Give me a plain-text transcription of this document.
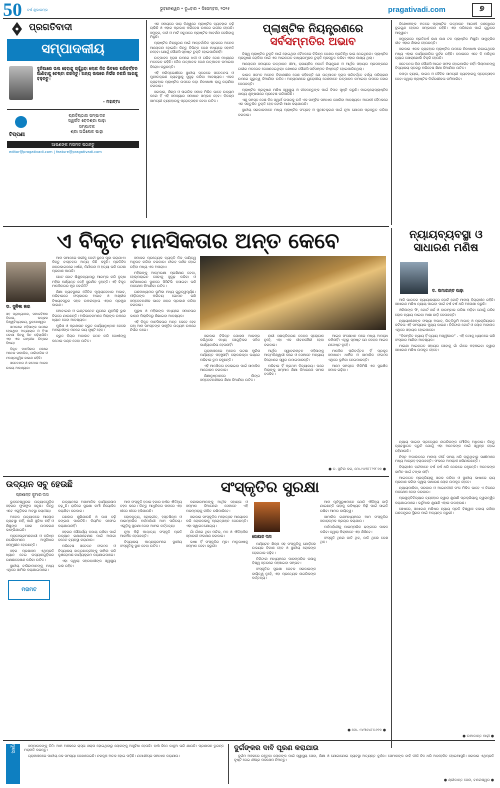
50 ବର୍ଷ ଶୁଭାରମ୍ଭ	ଭୁବନେଶ୍ୱର • ବୁଧବାର • ଡିସେମ୍ବର, ୨୦୨୫	pragativadi.com	୭
ପ୍ରଗତିବାଦୀ
ସମ୍ପାଦକୀୟ
ଦୁନିଆରେ ଭଲ ହେବାକୁ ଚାହୁଁଥିବା ଲୋକ ନିଜ ଭିତରେ ପରିବର୍ତ୍ତନ ଆଣିବାକୁ ଚେଷ୍ଟା କରନ୍ତୁ। ଅନ୍ୟ ଉପରେ ନିର୍ଭର ନକରି ଆଗକୁ ବଢ଼ନ୍ତୁ।
- ମହାତ୍ମା
ପ୍ରତିଷ୍ଠାତା ସମ୍ପାଦକ
ସ୍ୱର୍ଗତ ବେଦଶ୍ରୀ ପାଢ଼ୀ
ସମ୍ପାଦକ
ଶ୍ରୀ ଅଭିଷେକ ପାଢ଼ୀ
ଟିପ୍ପଣୀ
ଆପଣଙ୍କ ମତାମତ ପଠାନ୍ତୁ
editor@pragativadi.com | feature@pragativadi.com

ଏକ ସମୟରେ ସାରା ବିଶ୍ୱରେ ପ୍ଲାଷ୍ଟିକ ବ୍ୟବହାର ବଢ଼ି ଚାଲିଛି ଓ ଏହାର ପ୍ରଭାବ ପରିବେଶ ଉପରେ ଗଭୀର ହେଉଛି। ସମୁଦ୍ର, ନଦୀ ଓ ମାଟି ସବୁଠାରେ ପ୍ଲାଷ୍ଟିକ ଆବର୍ଜନା ଦେଖିବାକୁ ମିଳୁଛି।

ପ୍ଲାଷ୍ଟିକ ନିୟନ୍ତ୍ରଣ ପାଇଁ ଆନ୍ତର୍ଜାତିକ ସ୍ତରରେ ଅନେକ ଆଲୋଚନା ହୋଇଛି। କିନ୍ତୁ ବିଭିନ୍ନ ଦେଶ ମଧ୍ୟରେ ସହମତି ନହେବା ଯୋଗୁଁ କୌଣସି ସ୍ପଷ୍ଟ ଚୁକ୍ତି ହୋଇପାରିନାହିଁ।

ଉତ୍ପାଦନ ହ୍ରାସ ଉପରେ ଧନୀ ଓ ଗରିବ ଦେଶ ମଧ୍ୟରେ ମତଭେଦ ରହିଛି। ତୈଳ ଉତ୍ପାଦକ ଦେଶ ଉତ୍ପାଦନ କମାଇବା ବିରୋଧ କରୁଛନ୍ତି।

ଏହି ପରିପ୍ରେକ୍ଷୀରେ ସ୍ଥାନୀୟ ସ୍ତରରେ ସଚେତନତା ଓ ପୁନଃଚକ୍ରଣ ବ୍ୟବସ୍ଥାକୁ ସୁଦୃଢ଼ କରିବା ଆବଶ୍ୟକ। ଏକକ ବ୍ୟବହାର ପ୍ଲାଷ୍ଟିକ ଉପରେ କଡ଼ା ନିଷେଧାଜ୍ଞା ଲାଗୁ କରାଯିବା ଦରକାର।

ସରକାର, ଶିଳ୍ପ ଓ ନାଗରିକ ସମାଜ ମିଳିତ ଭାବେ ଉଦ୍ୟମ କଲେ ହିଁ ଏହି ସମସ୍ୟାର ସମାଧାନ ସମ୍ଭବ ହେବ। ବିକଳ୍ପ ସାମଗ୍ରୀ ବ୍ୟବହାରକୁ ପ୍ରୋତ୍ସାହନ ଦେବା ଉଚିତ।

ପ୍ଲାଷ୍ଟିକ ନିୟନ୍ତ୍ରଣରେ
ସର୍ବସମ୍ମତିର ଅଭାବ

ବିଶ୍ୱ ପ୍ଲାଷ୍ଟିକ ଚୁକ୍ତି ପାଇଁ ହୋଇଥିବା ବୈଠକରେ ବିଭିନ୍ନ ଦେଶର ପ୍ରତିନିଧି ଭାଗ ନେଇଥିଲେ। ପ୍ଲାଷ୍ଟିକ ପ୍ରଦୂଷଣ ରୋକିବା ପାଇଁ ଏକ ଆଇନଗତ ବାଧ୍ୟତାମୂଳକ ଚୁକ୍ତି ପ୍ରସ୍ତୁତ କରିବା ଏହାର ଲକ୍ଷ୍ୟ ଥିଲା।

ଆଲୋଚନା ସମୟରେ ଉତ୍ପାଦନ ସୀମା, ରାସାୟନିକ ପଦାର୍ଥ ନିୟନ୍ତ୍ରଣ ଓ ଆର୍ଥିକ ସହାୟତା ପ୍ରସଙ୍ଗରେ ଗଭୀର ମତଭେଦ ଦେଖାଦେଇଥିଲା। ଶେଷରେ କୌଣସି ସର୍ବସମ୍ମତ ନିଷ୍ପତ୍ତି ହୋଇପାରିନଥିଲା।

ଭାରତ ସମେତ ଅନେକ ବିକାଶଶୀଳ ଦେଶ କହିଛନ୍ତି ଯେ ଉତ୍ପାଦନ ହ୍ରାସ ପରିବର୍ତ୍ତେ ବର୍ଜ୍ୟ ପରିଚାଳନା ଉପରେ ଗୁରୁତ୍ୱ ଦିଆଯିବା ଉଚିତ। ଅନ୍ୟପକ୍ଷରେ ୟୁରୋପୀୟ ଦେଶମାନେ ଉତ୍ପାଦନ କମାଇବା ଉପରେ ଜୋର ଦେଉଛନ୍ତି।

ପ୍ଲାଷ୍ଟିକ ପ୍ରଦୂଷଣ ମଣିଷ ସ୍ୱାସ୍ଥ୍ୟ ଓ ଜୀବଜନ୍ତୁଙ୍କ ପାଇଁ ବିପଦ ସୃଷ୍ଟି କରୁଛି। ମାଇକ୍ରୋପ୍ଲାଷ୍ଟିକ ଖାଦ୍ୟ ଶୃଙ୍ଖଳାରେ ପ୍ରବେଶ କରିସାରିଛି।

ଏଣୁ ସମସ୍ତ ଦେଶ ନିଜ ସ୍ୱାର୍ଥ ଉପରକୁ ଉଠି ଏକ ସାମୂହିକ ସମାଧାନ ଖୋଜିବା ଆବଶ୍ୟକ। ଆଗାମୀ ବୈଠକରେ ଏକ ସନ୍ତୁଳିତ ଚୁକ୍ତି ହେବ ବୋଲି ଆଶା କରାଯାଉଛି।

ସ୍ଥାନୀୟ ସରକାରମାନେ ମଧ୍ୟ ପ୍ଲାଷ୍ଟିକ ସଂଗ୍ରହ ଓ ପୁନଃଚକ୍ରଣ ପାଇଁ ନୂଆ ଯୋଜନା ପ୍ରସ୍ତୁତ କରିବା ଦରକାର।

ବିଶେଷଜ୍ଞଙ୍କ ମତରେ ପ୍ଲାଷ୍ଟିକ ଉତ୍ପାଦନ ଆଗାମୀ ଦଶନ୍ଧିରେ ଦୁଇଗୁଣ ହେବାର ସମ୍ଭାବନା ରହିଛି। ଏହା ପରିବେଶ ପାଇଁ ଗୁରୁତର ଆହ୍ୱାନ।

ସମୁଦ୍ରରେ ପ୍ରତିବର୍ଷ ଲକ୍ଷ ଲକ୍ଷ ଟନ ପ୍ଲାଷ୍ଟିକ ମିଶୁଛି। ସାମୁଦ୍ରିକ ଜୀବ ଏହାର ଶିକାର ହେଉଛନ୍ତି।

ସରକାର ଏକକ ବ୍ୟବହାର ପ୍ଲାଷ୍ଟିକ ଉପରେ ନିଷେଧାଜ୍ଞା ଲଗାଇଥିଲେ ମଧ୍ୟ ଏହାର କାର୍ଯ୍ୟକାରିତା ଦୁର୍ବଳ ରହିଛି। ବଜାରରେ ଏବେ ବି ପଲିଥିନ ବ୍ୟାଗ ଖୋଲାଖୋଲି ବିକ୍ରି ହେଉଛି।

ସଚେତନତା ବିନା କୌଣସି ଆଇନ ସଫଳ ହୋଇପାରିବ ନାହିଁ। ପିଲାମାନଙ୍କୁ ବିଦ୍ୟାଳୟ ସ୍ତରରୁ ପରିବେଶ ଶିକ୍ଷା ଦିଆଯିବା ଉଚିତ।

କପଡ଼ା ବ୍ୟାଗ, କାଗଜ ଓ ଜୈବିକ ସାମଗ୍ରୀ ବ୍ୟବହାରକୁ ପ୍ରୋତ୍ସାହନ ଦେବା ଦ୍ୱାରା ପ୍ଲାଷ୍ଟିକ ନିର୍ଭରଶୀଳତା କମିପାରିବ।

ଏ ବିକୃତ ମାନସିକତାର ଅନ୍ତ କେବେ	ନ୍ୟାୟବ୍ୟବସ୍ଥା ଓ
ସାଧାରଣ ମଣିଷ
ଡ. ଉମାକାନ୍ତ ପାଢ଼ୀ

ଆଜି ଭାରତର ନ୍ୟାୟାଳୟରେ କୋଟି କୋଟି ମାମଲା ବିଚାରାଧୀନ ରହିଛି। ସାଧାରଣ ମଣିଷ ନ୍ୟାୟ ପାଇବା ପାଇଁ ବର୍ଷ ବର୍ଷ ଧରି ଅପେକ୍ଷା କରୁଛି।

ଓକିଲଙ୍କ ଫି, କୋର୍ଟ ଖର୍ଚ୍ଚ ଓ ବାରମ୍ବାର ତାରିଖ ପଡ଼ିବା ଯୋଗୁଁ ଗରିବ ଲୋକ ନ୍ୟାୟ ପାଇବା ଆଶା ଛାଡ଼ି ଦେଉଛନ୍ତି।

ନ୍ୟାୟାଧୀଶଙ୍କ ସଂଖ୍ୟା ଅଭାବ, ଭିତ୍ତିଭୂମି ଅଭାବ ଓ ପ୍ରକ୍ରିୟାଗତ ଜଟିଳତା ଏହି ସମସ୍ୟାର ମୁଖ୍ୟ କାରଣ। ଡିଜିଟାଲ କୋର୍ଟ ଓ ଲୋକ ଅଦାଲତ ଏଥିରେ ସହାୟକ ହୋଇପାରେ।

“ବିଳମ୍ବିତ ନ୍ୟାୟ ହିଁ ନ୍ୟାୟ ଅସ୍ୱୀକାର” - ଏହି କଥାକୁ ଧ୍ୟାନରେ ରଖି ସଂସ୍କାର ଆଣିବା ଆବଶ୍ୟକ।

ମାଗଣା ଆଇନଗତ ସହାୟତା ସେବାକୁ ଗାଁ ଗାଁରେ ପହଞ୍ଚାଇବା ଦ୍ୱାରା ସାଧାରଣ ମଣିଷ ଉପକୃତ ହେବେ।

ଡ. ସୁନିଲ କର
ସହ ପ୍ରାଧ୍ୟାପକ, ସମାଜବିଜ୍ଞାନ ବିଭାଗ, ଉତ୍କଳ ବିଶ୍ୱବିଦ୍ୟାଳୟ, ଭୁବନେଶ୍ୱର

ସମାଜରେ ମହିଳାଙ୍କ ଉପରେ ହେଉଥିବା ଅତ୍ୟାଚାର ଓ ହିଂସା ଘଟଣା ଦିନକୁ ଦିନ ବଢ଼ିଚାଲିଛି। ଏହା ଏକ ଗମ୍ଭୀର ଚିନ୍ତାର ବିଷୟ।

ବିକୃତ ମାନସିକତା ପଛରେ ଅନେକ ସାମାଜିକ, ପାରିବାରିକ ଓ ମନସ୍ତାତ୍ତ୍ୱିକ କାରଣ ରହିଛି।

ସଚେତନତା ଓ କଠୋର ଆଇନ ଉଭୟ ଆବଶ୍ୟକ।

ଆମ ସମାଜରେ ନାରୀକୁ ଦେବୀ ରୂପେ ପୂଜା କରାଯାଏ। କିନ୍ତୁ ବାସ୍ତବତା ଅନ୍ୟ କିଛି କହୁଛି। ପ୍ରତିଦିନ ଖବରକାଗଜରେ ଧର୍ଷଣ, ନିର୍ଯାତନା ଓ ହତ୍ୟା ଭଳି ଘଟଣା ପ୍ରକାଶ ପାଉଛି।

ଛୋଟ ଛୋଟ ଶିଶୁକନ୍ୟାଠାରୁ ଆରମ୍ଭ କରି ବୃଦ୍ଧା ମହିଳା ପର୍ଯ୍ୟନ୍ତ କେହି ସୁରକ୍ଷିତ ନୁହନ୍ତି। ଏହି ବିକୃତ ମାନସିକତାର ମୂଳ କେଉଁଠି?

ଶିକ୍ଷା ବ୍ୟବସ୍ଥାରେ ନୈତିକ ମୂଲ୍ୟବୋଧର ଅଭାବ, ପରିବାରରେ ସଂସ୍କାରର ଅଭାବ ଓ ଅଶ୍ଳୀଳ ବିଷୟବସ୍ତୁର ସହଜ ଉପଲବ୍ଧତା ଏହାର ପ୍ରମୁଖ କାରଣ।

ମୋବାଇଲ ଓ ଇଣ୍ଟରନେଟ ଯୁଗରେ ଯୁବପିଢ଼ି ଭୁଲ ଦିଗରେ ଯାଉଛନ୍ତି। ଅଭିଭାବକମାନେ ପିଲାଙ୍କ ଉପରେ ଧ୍ୟାନ ଦେବା ଆବଶ୍ୟକ।

ପୁଲିସ ଓ ପ୍ରଶାସନ ଦ୍ରୁତ କାର୍ଯ୍ୟାନୁଷ୍ଠାନ ନେଲେ ଅପରାଧୀଙ୍କ ମନରେ ଭୟ ସୃଷ୍ଟି ହେବ।

ଦ୍ରୁତ ବିଚାର ଅଦାଲତ ଗଠନ କରି ଦୋଷୀଙ୍କୁ କଠୋର ଦଣ୍ଡ ଦେବା ଉଚିତ।

ସମାଜର ପ୍ରତ୍ୟେକ ବ୍ୟକ୍ତି ନିଜ ଦାୟିତ୍ୱ ଅନୁଭବ କରିବା ଦରକାର। ନୀରବ ଦର୍ଶକ ହୋଇ ରହିବା ମଧ୍ୟ ଏକ ଅପରାଧ।

ମହିଳାଙ୍କୁ ଆତ୍ମରକ୍ଷା ପ୍ରଶିକ୍ଷଣ ଦେବା, ହେଲ୍ପଲାଇନ ସେବାକୁ ସୁଦୃଢ଼ କରିବା ଓ ସର୍ବସାଧାରଣ ସ୍ଥାନରେ ସିସିଟିଭି ବସାଇବା ଭଳି ପଦକ୍ଷେପ ନିଆଯିବା ଉଚିତ।

ଗଣମାଧ୍ୟମର ଭୂମିକା ମଧ୍ୟ ଗୁରୁତ୍ୱପୂର୍ଣ୍ଣ। ପୀଡ଼ିତାଙ୍କ ପରିଚୟ ଗୋପନ ରଖି ସମ୍ବେଦନଶୀଳ ଭାବେ ଖବର ପ୍ରକାଶ କରିବା ଦରକାର।

ପୁରୁଷ ଓ ମହିଳାଙ୍କ ମଧ୍ୟରେ ସମାନତାର ଭାବନା ପିଲାଦିନରୁ ଶିଖାଇବା ଆବଶ୍ୟକ।

ଏହି ବିକୃତ ମାନସିକତାର ଅନ୍ତ କେବେ ହେବ ତାହା ଆମ ସମସ୍ତଙ୍କ ସାମୂହିକ ଉଦ୍ୟମ ଉପରେ ନିର୍ଭର କରେ।

ସରକାର ବିଭିନ୍ନ ଯୋଜନା ଆରମ୍ଭ କରିଥିଲେ ମଧ୍ୟ ସେଗୁଡ଼ିକର ସଠିକ କାର୍ଯ୍ୟକାରିତା ହେଉନାହିଁ।

ଗ୍ରାମାଞ୍ଚଳରେ ଅନେକ ଘଟଣା ପୁଲିସ ପର୍ଯ୍ୟନ୍ତ ପହଞ୍ଚୁନାହିଁ। ଲୋକଲଜ୍ଜା ଭୟରେ ପରିବାର ଚୁପ ରହୁଛନ୍ତି।

ଏହି ମାନସିକତା ବଦଳାଇବା ପାଇଁ ସାମାଜିକ ଆନ୍ଦୋଳନ ଦରକାର।

ଶିକ୍ଷାନୁଷ୍ଠାନରେ ଲିଙ୍ଗ ସମ୍ବେଦନଶୀଳତା ଶିକ୍ଷା ଦିଆଯିବା ଉଚିତ।

ନାରୀ ସଶକ୍ତିକରଣ କେବଳ ସ୍ଲୋଗାନ ନୁହେଁ, ଏହା ଏକ ଜୀବନଶୈଳୀ ହେବା ଦରକାର।

ଆର୍ଥିକ ସ୍ୱାବଲମ୍ବନ ମହିଳାଙ୍କୁ ଆତ୍ମବିଶ୍ୱାସୀ କରେ ଓ ସେମାନେ ଅନ୍ୟାୟ ବିରୋଧରେ ସ୍ୱର ଉଠାଇପାରନ୍ତି।

ପରିବାର ହିଁ ପ୍ରଥମ ବିଦ୍ୟାଳୟ। ଘରେ ପିଲାଙ୍କୁ ସମ୍ମାନ ଶିକ୍ଷା ଦିଆଗଲେ ସମାଜ ବଦଳିବ।

ଆଇନ ସଂଶୋଧନ ପରେ ମଧ୍ୟ ଅପରାଧ କମିନାହିଁ। ଏଥିରୁ ସ୍ପଷ୍ଟ ଯେ କେବଳ ଆଇନ ଯଥେଷ୍ଟ ନୁହେଁ।

ମାନସିକ ପରିବର୍ତ୍ତନ ହିଁ ପ୍ରକୃତ ସମାଧାନ। ଧାର୍ମିକ ଓ ସାମାଜିକ ସଂଗଠନ ଏଥିରେ ଭୂମିକା ନେଇପାରନ୍ତି।

ଆମେ ସମସ୍ତେ ମିଳିମିଶି ଏକ ସୁରକ୍ଷିତ ସମାଜ ଗଢ଼ିବା।

● ଡ. ସୁନିଲ କର, ମୋ-୯୪୩୮୮୨୧୮୭୭ ●
ଉଦ୍ୟାନ ସବୁ ହେଉଛି
ପ୍ରଶାନ୍ତ କୁମାର ଦାସ

ଭୁବନେଶ୍ୱରର ଉଦ୍ୟାନଗୁଡ଼ିକ ସହରର ଫୁସଫୁସ ସଦୃଶ। କିନ୍ତୁ ଏବେ ଏଗୁଡ଼ିକର ଅବସ୍ଥା ଦୟନୀୟ।

ଅନେକ ଉଦ୍ୟାନରେ ଆଲୋକ ବ୍ୟବସ୍ଥା ନାହିଁ, ପାଣି ସୁବିଧା ନାହିଁ ଓ ଶିଶୁଙ୍କ ଖେଳ ଉପକରଣ ଭାଙ୍ଗିଯାଇଛି।

ପ୍ରାତଃଭ୍ରମଣକାରୀ ଓ ବରିଷ୍ଠ ନାଗରିକମାନେ ଅସୁବିଧାର ସମ୍ମୁଖୀନ ହେଉଛନ୍ତି।

ସହର ପ୍ରଶାସନ ଏଥିପ୍ରତି ଧ୍ୟାନ ଦେଇ ଉଦ୍ୟାନଗୁଡ଼ିକର ରକ୍ଷଣାବେକ୍ଷଣ କରିବା ଉଚିତ।

ସ୍ଥାନୀୟ ବାସିନ୍ଦାମାନଙ୍କୁ ମଧ୍ୟ ଏଥିରେ ସାମିଲ କରାଯାଇପାରେ।

ମତାମତ

ଉଦ୍ୟାନରେ ଅସାମାଜିକ କାର୍ଯ୍ୟକଳାପ ବଢ଼ୁଛି। ରାତିରେ ସୁରକ୍ଷା କର୍ମୀ ନିୟୋଜିତ କରାଯିବା ଦରକାର।

ଗଛଲତା ଶୁଖିଯାଉଛି ଓ ଘାସ ବଢ଼ି ଜଙ୍ଗଲ ପାଲଟିଛି। ନିୟମିତ ସଫେଇ କରାଯାଉନାହିଁ।

ସହରର ସୌନ୍ଦର୍ଯ୍ୟ ବଜାୟ ରଖିବା ପାଇଁ ଉଦ୍ୟାନ ରକ୍ଷଣାବେକ୍ଷଣ ପାଇଁ ଅଲଗା ବଜେଟ ବ୍ୟବସ୍ଥା କରାଯାଉ।

ପରିବେଶ ସଚେତନ ସଂଗଠନ ଓ ବିଦ୍ୟାଳୟ ଛାତ୍ରଛାତ୍ରୀଙ୍କୁ ସାମିଲ କରି ବୃକ୍ଷରୋପଣ କାର୍ଯ୍ୟକ୍ରମ କରାଯାଇପାରେ।

ଏହା ଦ୍ୱାରା ସହରବାସୀଙ୍କ ସ୍ୱାସ୍ଥ୍ୟ ଭଲ ରହିବ।

ସଂସ୍କୃତିର ସୁରକ୍ଷା

ଆମ ସଂସ୍କୃତି ହଜାର ହଜାର ବର୍ଷର ଐତିହ୍ୟ ବହନ କରେ। କିନ୍ତୁ ଆଧୁନିକତା ନାମରେ ଏହା ଧୀରେ ଧୀରେ ହଜିଯାଉଛି।

ଲୋକନୃତ୍ୟ, ଲୋକଗୀତ, ହସ୍ତଶିଳ୍ପ ଓ ପାରମ୍ପରିକ ପର୍ବପର୍ବାଣୀ ଆମ ପରିଚୟ। ଏଗୁଡ଼ିକୁ ସୁରକ୍ଷା ଦେବା ଆମର କର୍ତ୍ତବ୍ୟ।

ନୂଆ ପିଢ଼ି ପାଶ୍ଚାତ୍ୟ ସଂସ୍କୃତି ପ୍ରତି ଆକର୍ଷିତ ହେଉଛନ୍ତି।

ବିଦ୍ୟାଳୟ ପାଠ୍ୟକ୍ରମରେ ସ୍ଥାନୀୟ ସଂସ୍କୃତିକୁ ସ୍ଥାନ ଦେବା ଉଚିତ।

କଳାକାରମାନଙ୍କୁ ଆର୍ଥିକ ସହାୟତା ଓ ସମ୍ମାନ ଦିଆଗଲେ ସେମାନେ ଏହି ପରମ୍ପରାକୁ ଜୀବିତ ରଖିପାରିବେ।

ସରକାର ସାଂସ୍କୃତିକ ମହୋତ୍ସବ ଆୟୋଜନ କରି ଲୋକକଳାକୁ ପ୍ରୋତ୍ସାହନ ଦେଉଛନ୍ତି। ଏହା ସ୍ୱାଗତଯୋଗ୍ୟ।

ଗାଁ ଗାଁରେ ଥିବା ମନ୍ଦିର, ମଠ ଓ ଐତିହାସିକ ସ୍ମାରକୀ ସଂରକ୍ଷଣ ଦରକାର।

ଭାଷା ହିଁ ସଂସ୍କୃତିର ମୂଳ। ମାତୃଭାଷାକୁ ସମ୍ମାନ ଦେବା ଜରୁରୀ।

ଗୋପାଳ ଦାସ

ପର୍ଯ୍ୟଟନ ଶିଳ୍ପ ସହ ସଂସ୍କୃତିକୁ ଯୋଡ଼ିଲେ ଉଭୟର ବିକାଶ ହେବ ଓ ସ୍ଥାନୀୟ ଲୋକଙ୍କ ରୋଜଗାର ବଢ଼ିବ।

ଡିଜିଟାଲ ମାଧ୍ୟମରେ ପାରମ୍ପରିକ କଳାକୁ ବିଶ୍ୱ ସ୍ତରରେ ପହଞ୍ଚାଇବା ସମ୍ଭବ।

ସଂସ୍କୃତିର ସୁରକ୍ଷା କେବଳ ସରକାରଙ୍କ ଦାୟିତ୍ୱ ନୁହେଁ, ଏହା ପ୍ରତ୍ୟେକ ନାଗରିକଙ୍କ କର୍ତ୍ତବ୍ୟ।

ଆମ ପୂର୍ବପୁରୁଷମାନେ ଯେଉଁ ଐତିହ୍ୟ ଛାଡ଼ି ଯାଇଛନ୍ତି ତାହାକୁ ଭବିଷ୍ୟତ ପିଢ଼ି ପାଇଁ ସାଇତି ରଖିବା ଆମର ଦାୟିତ୍ୱ।

ସାମାଜିକ ଗଣମାଧ୍ୟମରେ ଆମ ସଂସ୍କୃତିର ସକାରାତ୍ମକ ପ୍ରଚାର କରାଯାଉ।

ପର୍ବପର୍ବାଣୀକୁ ପାରମ୍ପରିକ ଢଙ୍ଗରେ ପାଳନ କରିବା ଦ୍ୱାରା ପିଲାମାନେ ଏହା ଶିଖିବେ।

ସଂସ୍କୃତି ଥିଲେ ଜାତି ଥିବ, ଜାତି ଥିଲେ ଦେଶ ଥିବ।

● ମୋ- ୯୪୩୭୪୮୦୬୧୭ ●

ନ୍ୟାୟ ପାଇବା ପ୍ରତ୍ୟେକ ନାଗରିକଙ୍କ ମୌଳିକ ଅଧିକାର। କିନ୍ତୁ ବ୍ୟବସ୍ଥାଗତ ତ୍ରୁଟି ଯୋଗୁଁ ଏହା ଅନେକଙ୍କ ପାଇଁ ସ୍ୱପ୍ନ ହୋଇ ରହିଯାଉଛି।

ନିମ୍ନ ଅଦାଲତରେ ମାମଲା ଦୀର୍ଘ ସମୟ ଧରି ଚାଲୁଥିବାରୁ ସାକ୍ଷୀମାନେ ମଧ୍ୟ ଆଗ୍ରହ ହରାଉଛନ୍ତି। ଫଳରେ ଅପରାଧୀ ଖସିଯାଉଛନ୍ତି।

ବିଚାରାଧୀନ ବନ୍ଦୀମାନେ ବର୍ଷ ବର୍ଷ ଧରି ଜେଲରେ ରହୁଛନ୍ତି। ଅନେକଙ୍କ ଜାମିନ ପାଇଁ ଟଙ୍କା ନାହିଁ।

ଆଇନଗତ ପ୍ରକ୍ରିୟାକୁ ସରଳ କରିବା ଓ ସ୍ଥାନୀୟ ଭାଷାରେ ରାୟ ପ୍ରକାଶ କରିବା ଦ୍ୱାରା ସାଧାରଣ ଲୋକ ଉପକୃତ ହେବେ।

ନ୍ୟାୟପାଳିକା, ସରକାର ଓ ଆଇନଜୀବୀ ସଂଘ ମିଳିତ ଭାବେ ଏ ଦିଗରେ ପଦକ୍ଷେପ ନେବା ଦରକାର।

ପ୍ରଯୁକ୍ତିବିଦ୍ୟାର ବ୍ୟବହାର ଦ୍ୱାରା ଶୁଣାଣି ପ୍ରକ୍ରିୟାକୁ ତ୍ୱରାନ୍ୱିତ କରାଯାଇପାରେ। ଭର୍ଚୁଆଲ ଶୁଣାଣି ଏହାର ଉଦାହରଣ।

ଶେଷରେ, ସାଧାରଣ ମଣିଷର ନ୍ୟାୟ ପ୍ରତି ବିଶ୍ୱାସ ବଜାୟ ରଖିବା ଗଣତନ୍ତ୍ରର ସ୍ଥିରତା ପାଇଁ ଅତ୍ୟନ୍ତ ଜରୁରୀ।

● ଉମାକାନ୍ତ ପାଢ଼ୀ ●
ମୁଖ୍ୟ	ସମ୍ପାଦକଙ୍କୁ ଚିଠି: ଆମ ଅଞ୍ଚଳରେ ରାସ୍ତା ଖରାପ ହୋଇଥିବାରୁ ଲୋକଙ୍କୁ ଅସୁବିଧା ହେଉଛି। ବର୍ଷା ଦିନେ କାଦୁଅ ଭରି ଯାଉଛି। ପ୍ରଶାସନ ତୁରନ୍ତ ମରାମତି କରନ୍ତୁ।

ଗ୍ରାମାଞ୍ଚଳରେ ପାନୀୟ ଜଳ ସମସ୍ୟା ଦେଖାଦେଇଛି। ନଳକୂପ ଅଚଳ ହୋଇ ପଡ଼ିଛି। ଯଥାଶୀଘ୍ର ସମାଧାନ କରାଯାଉ।

ଦୁର୍ଗଙ୍କର ଦାବି ପୂରଣ କରାଯାଉ

ଦୁର୍ଗମ ଅଞ୍ଚଳରେ ରହୁଥିବା ଲୋକଙ୍କ ପାଇଁ ସ୍ୱାସ୍ଥ୍ୟ ସେବା, ଶିକ୍ଷା ଓ ଯୋଗାଯୋଗ ବ୍ୟବସ୍ଥା ଅତ୍ୟନ୍ତ ଦୁର୍ବଳ। ସେମାନଙ୍କ ଦାବି ଦୀର୍ଘ ଦିନ ଧରି ଅବହେଳିତ ହୋଇଆସୁଛି। ସରକାର ଏଥିପ୍ରତି ଦୃଷ୍ଟି ଦେଇ ଶୀଘ୍ର ପଦକ୍ଷେପ ନିଅନ୍ତୁ।

● ଶ୍ରୀକାନ୍ତ ଜେନା, ବାଲେଶ୍ୱର ●
